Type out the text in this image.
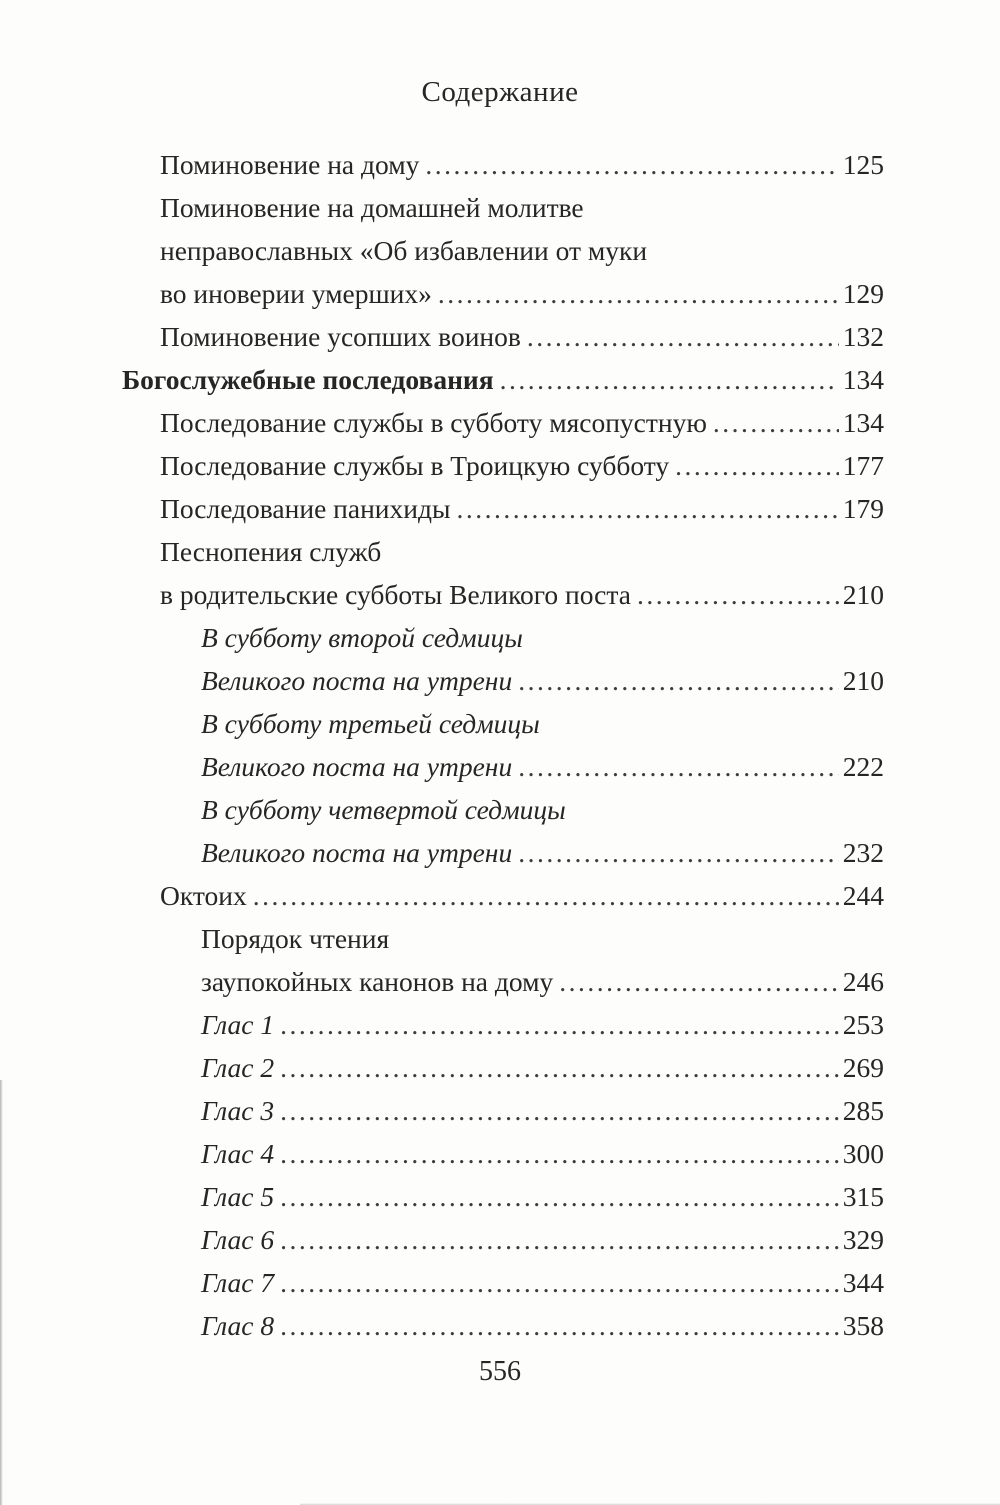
Содержание
Поминовение на дому .....	125
Поминовение на домашней молитве
неправославных «Об избавлении от муки
во иноверии умерших» .....	129
Поминовение усопших воинов .....	132
Богослужебные последования .....	134
Последование службы в субботу мясопустную .....	134
Последование службы в Троицкую субботу .....	177
Последование панихиды .....	179
Песнопения служб
в родительские субботы Великого поста .....	210
В субботу второй седмицы
Великого поста на утрени .....	210
В субботу третьей седмицы
Великого поста на утрени .....	222
В субботу четвертой седмицы
Великого поста на утрени .....	232
Октоих .....	244
Порядок чтения
заупокойных канонов на дому .....	246
Глас 1 .....	253
Глас 2 .....	269
Глас 3 .....	285
Глас 4 .....	300
Глас 5 .....	315
Глас 6 .....	329
Глас 7 .....	344
Глас 8 .....	358
556
